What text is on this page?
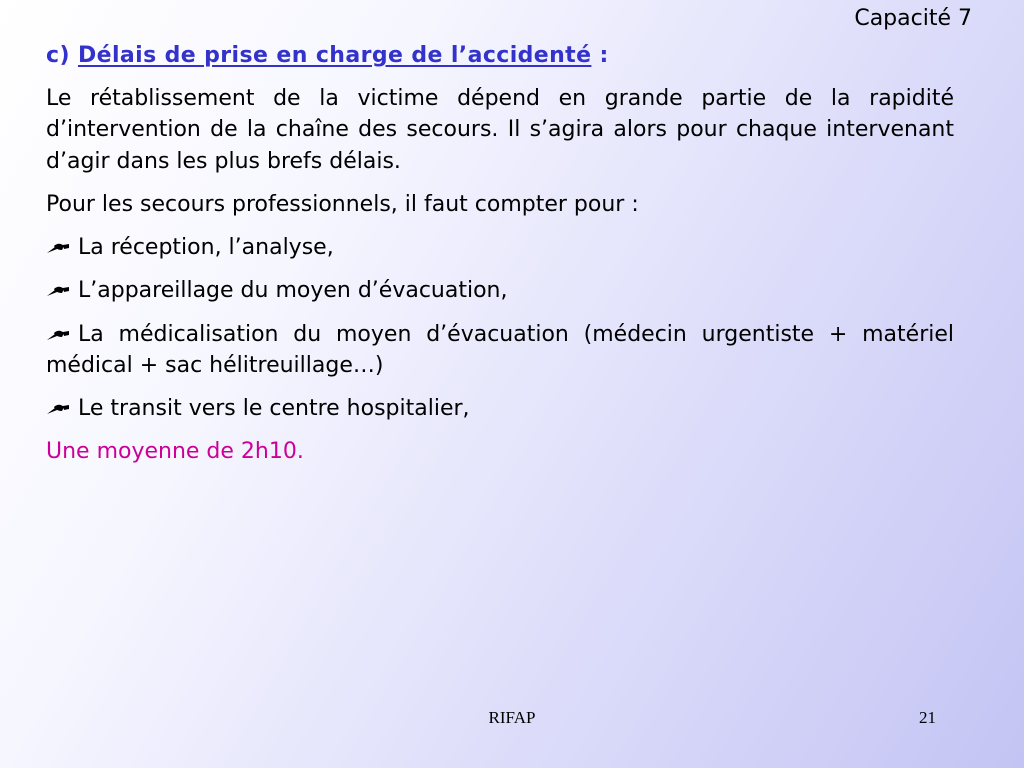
Capacité 7

c) Délais de prise en charge de l’accidenté :

Le rétablissement de la victime dépend en grande partie de la rapidité d’intervention de la chaîne des secours. Il s’agira alors pour chaque intervenant d’agir dans les plus brefs délais.

Pour les secours professionnels, il faut compter pour :

La réception, l’analyse,

L’appareillage du moyen d’évacuation,

La médicalisation du moyen d’évacuation (médecin urgentiste + matériel médical + sac hélitreuillage…)

Le transit vers le centre hospitalier,

Une moyenne de 2h10.

RIFAP	21
